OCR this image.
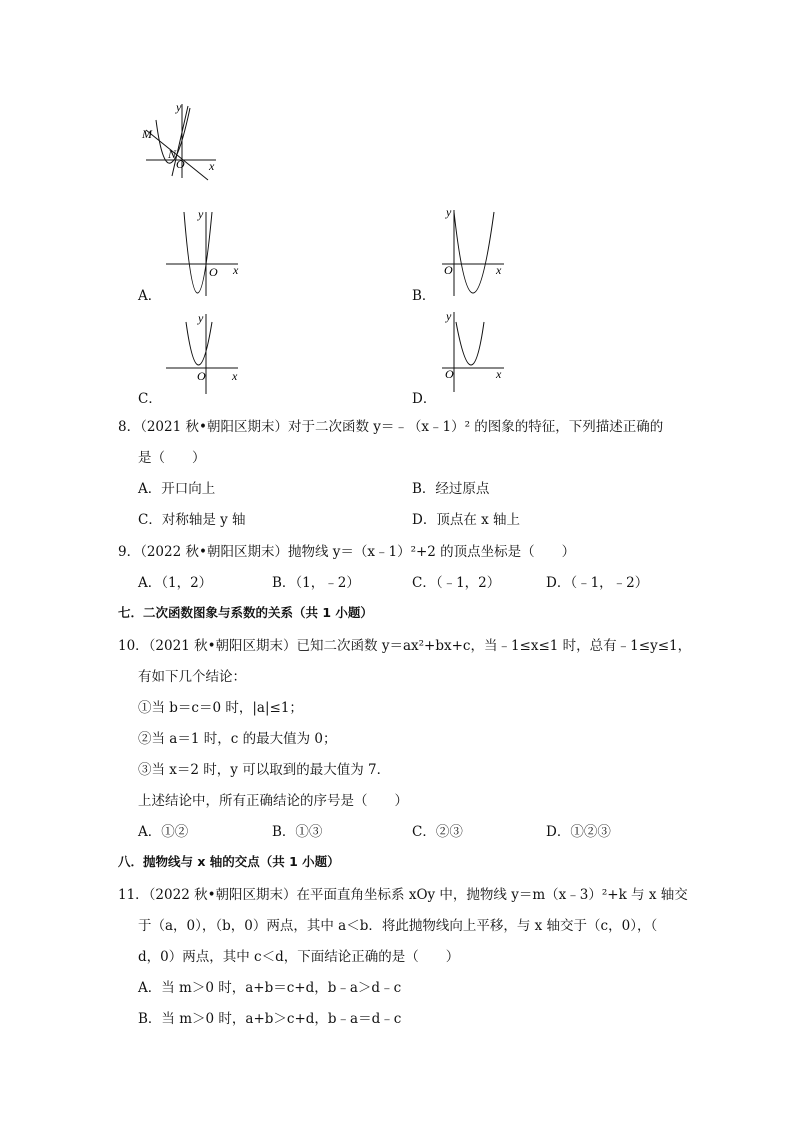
y
x
M
N
O
A．
y
x
O
B．
y
x
O
C．
y
x
O
D．
y
x
O
8．（2021 秋•朝阳区期末）对于二次函数 y＝﹣（x﹣1）² 的图象的特征，下列描述正确的
是（　　）
A．开口向上	B．经过原点
C．对称轴是 y 轴	D．顶点在 x 轴上
9．（2022 秋•朝阳区期末）抛物线 y＝（x﹣1）²+2 的顶点坐标是（　　）
A．（1，2）	B．（1，﹣2）	C．（﹣1，2）	D．（﹣1，﹣2）
七．二次函数图象与系数的关系（共 1 小题）
10．（2021 秋•朝阳区期末）已知二次函数 y＝ax²+bx+c，当﹣1≤x≤1 时，总有﹣1≤y≤1，
有如下几个结论：
①当 b＝c＝0 时，|a|≤1；
②当 a＝1 时，c 的最大值为 0；
③当 x＝2 时，y 可以取到的最大值为 7．
上述结论中，所有正确结论的序号是（　　）
A．①②	B．①③	C．②③	D．①②③
八．抛物线与 x 轴的交点（共 1 小题）
11．（2022 秋•朝阳区期末）在平面直角坐标系 xOy 中，抛物线 y＝m（x﹣3）²+k 与 x 轴交
于（a，0），（b，0）两点，其中 a＜b．将此抛物线向上平移，与 x 轴交于（c，0），（
d，0）两点，其中 c＜d，下面结论正确的是（　　）
A．当 m＞0 时，a+b＝c+d，b﹣a＞d﹣c
B．当 m＞0 时，a+b＞c+d，b﹣a＝d﹣c
